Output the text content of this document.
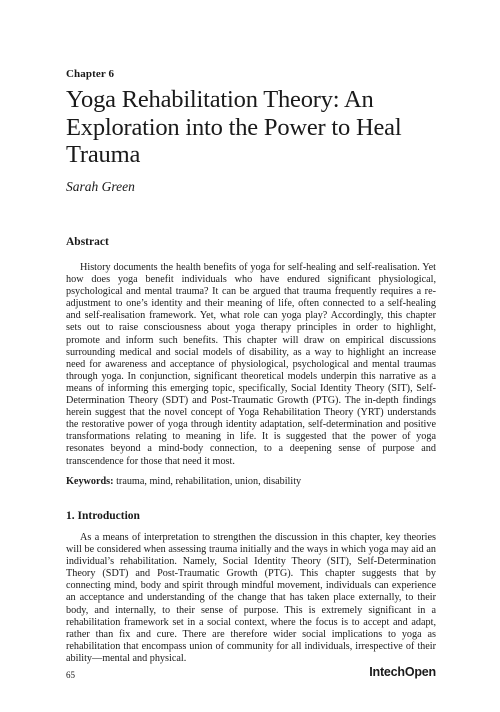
Chapter 6
Yoga Rehabilitation Theory: An Exploration into the Power to Heal Trauma
Sarah Green
Abstract

History documents the health benefits of yoga for self-healing and self-realisation. Yet how does yoga benefit individuals who have endured significant physiological, psychological and mental trauma? It can be argued that trauma frequently requires a re-adjustment to one’s identity and their meaning of life, often connected to a self-healing and self-realisation framework. Yet, what role can yoga play? Accordingly, this chapter sets out to raise consciousness about yoga therapy principles in order to highlight, promote and inform such benefits. This chapter will draw on empirical discussions surrounding medical and social models of disability, as a way to highlight an increase need for awareness and acceptance of physiological, psychological and mental traumas through yoga. In conjunction, significant theoretical models underpin this narrative as a means of informing this emerging topic, specifically, Social Identity Theory (SIT), Self-Determination Theory (SDT) and Post-Traumatic Growth (PTG). The in-depth findings herein suggest that the novel concept of Yoga Rehabilitation Theory (YRT) understands the restorative power of yoga through identity adaptation, self-determination and positive transformations relating to meaning in life. It is suggested that the power of yoga resonates beyond a mind-body connection, to a deepening sense of purpose and transcendence for those that need it most.

Keywords: trauma, mind, rehabilitation, union, disability
1. Introduction

As a means of interpretation to strengthen the discussion in this chapter, key theories will be considered when assessing trauma initially and the ways in which yoga may aid an individual’s rehabilitation. Namely, Social Identity Theory (SIT), Self-Determination Theory (SDT) and Post-Traumatic Growth (PTG). This chapter suggests that by connecting mind, body and spirit through mindful movement, individuals can experience an acceptance and understanding of the change that has taken place externally, to their body, and internally, to their sense of purpose. This is extremely significant in a rehabilitation framework set in a social context, where the focus is to accept and adapt, rather than fix and cure. There are therefore wider social implications to yoga as rehabilitation that encompass union of community for all individuals, irrespective of their ability—mental and physical.

65	IntechOpen
